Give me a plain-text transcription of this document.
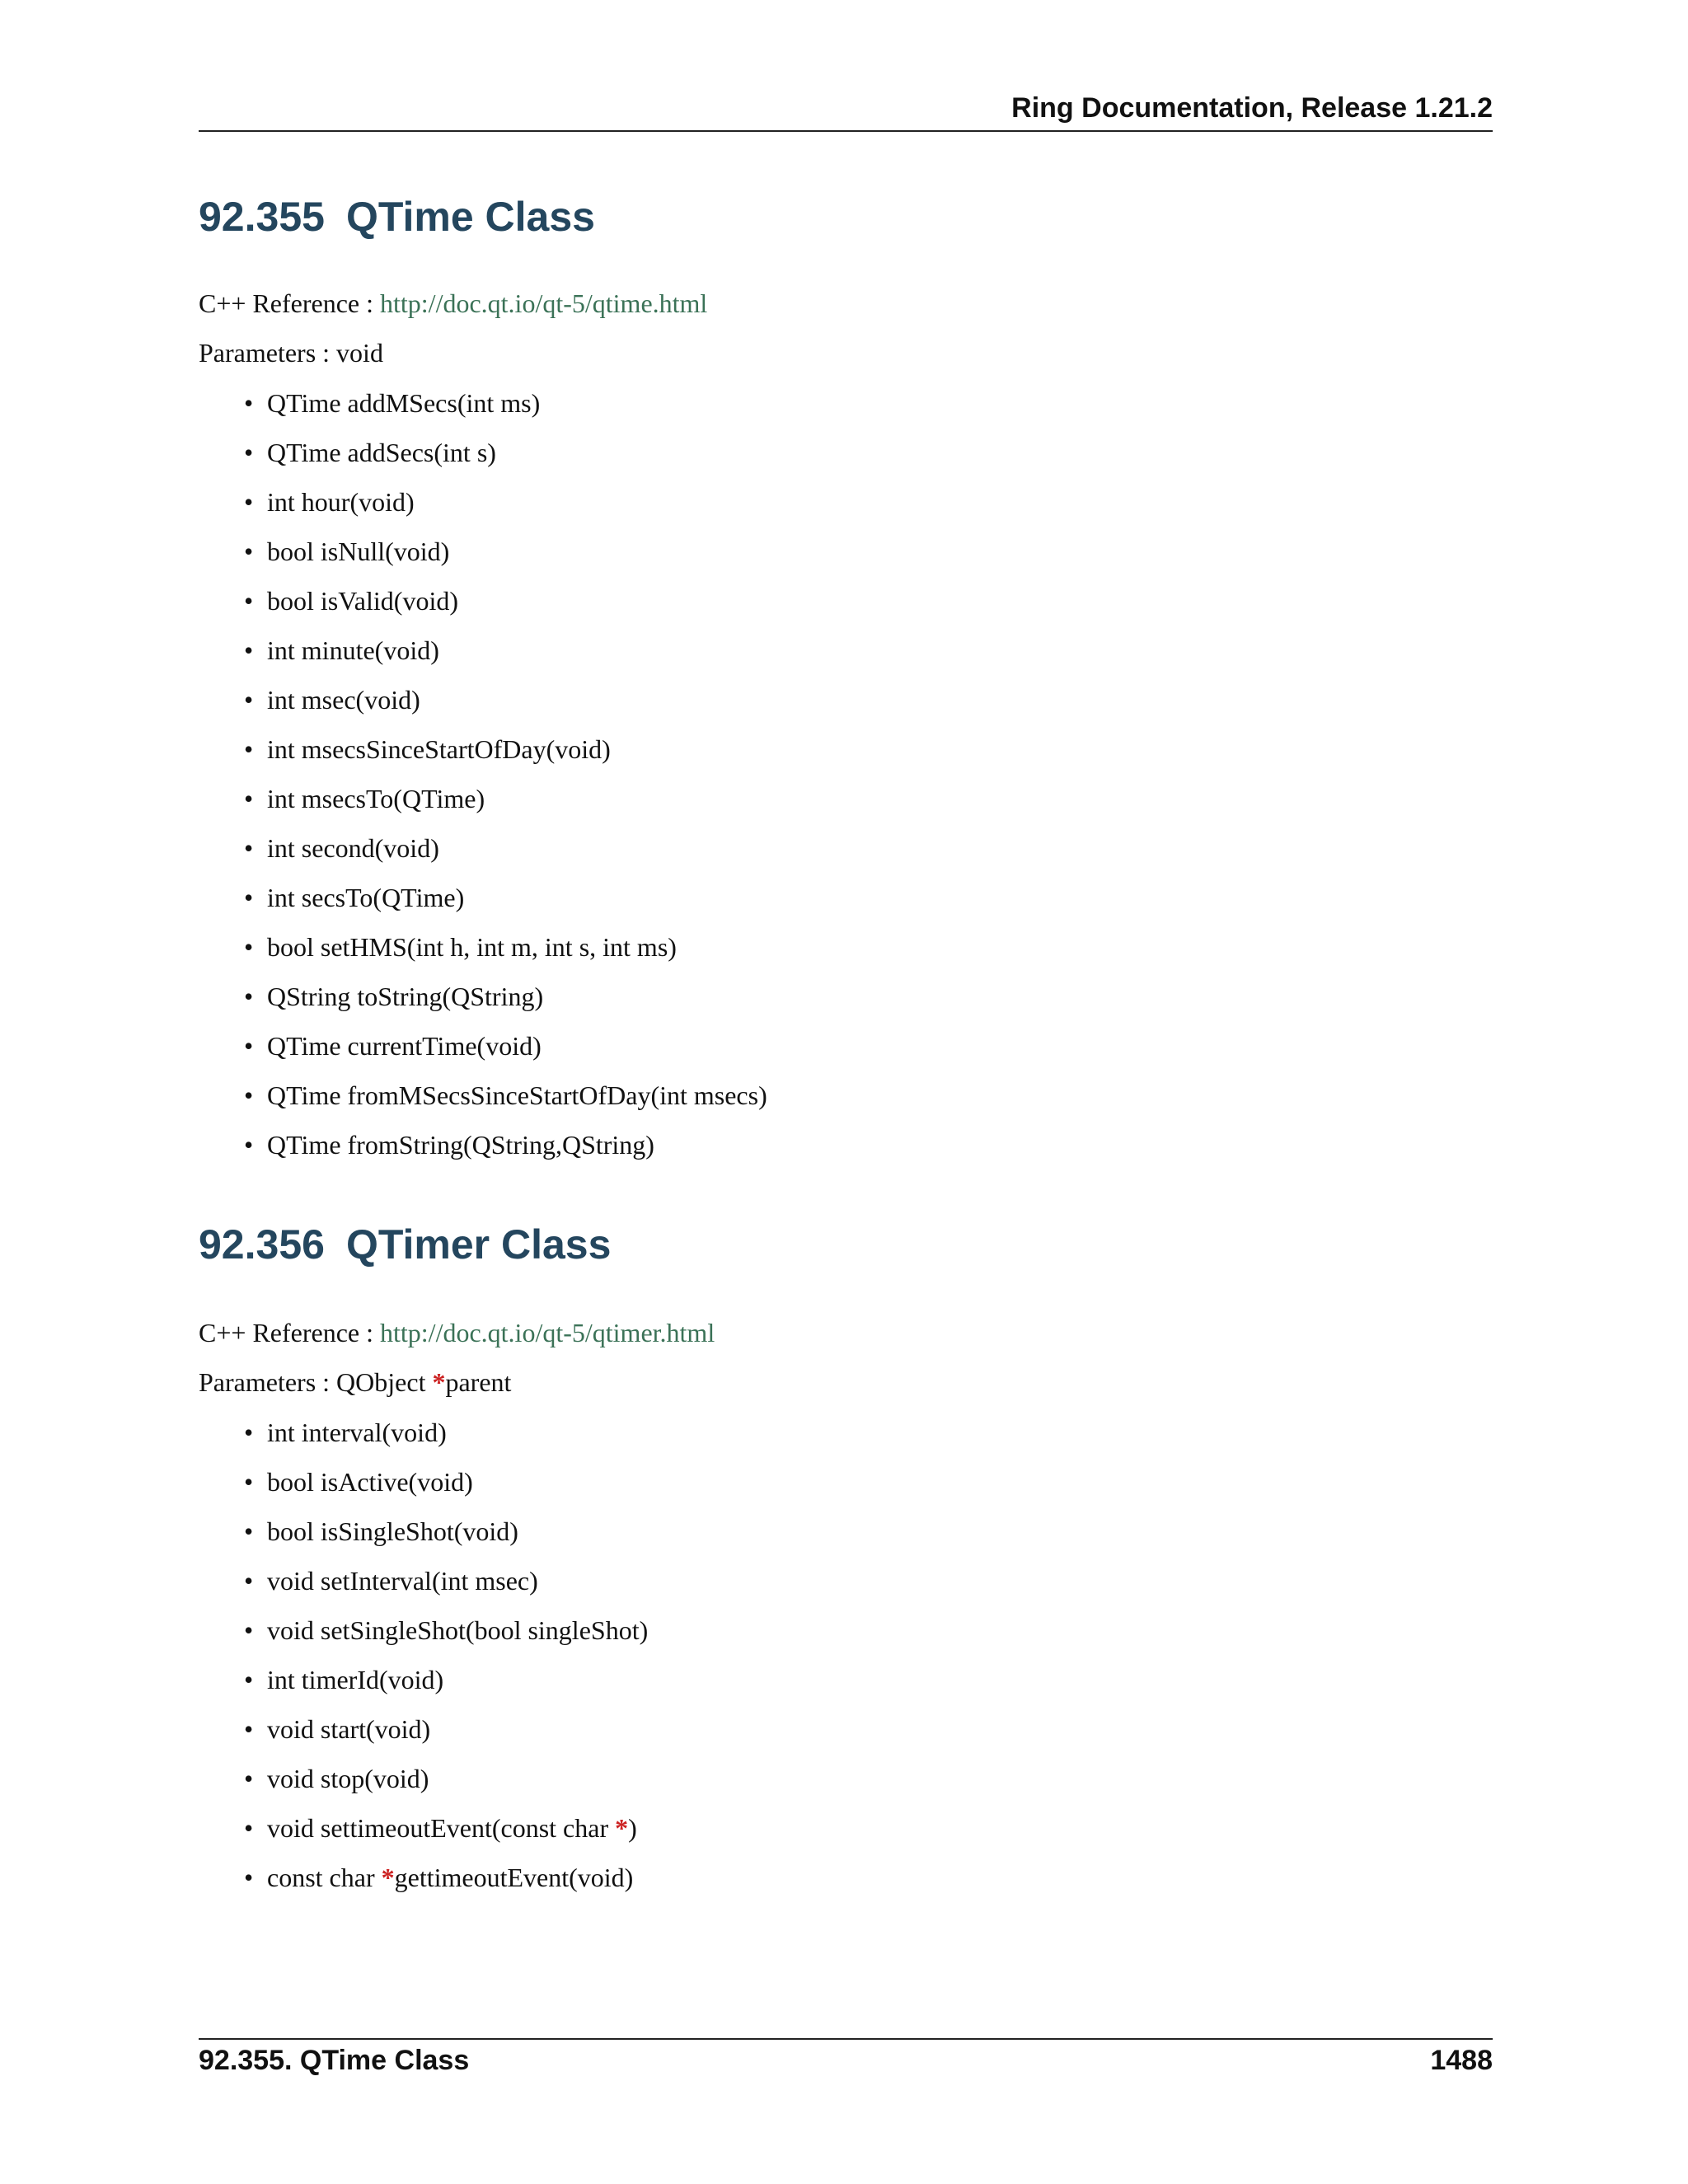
Ring Documentation, Release 1.21.2
92.355 QTime Class
C++ Reference : http://doc.qt.io/qt-5/qtime.html
Parameters : void
• QTime addMSecs(int ms)
• QTime addSecs(int s)
• int hour(void)
• bool isNull(void)
• bool isValid(void)
• int minute(void)
• int msec(void)
• int msecsSinceStartOfDay(void)
• int msecsTo(QTime)
• int second(void)
• int secsTo(QTime)
• bool setHMS(int h, int m, int s, int ms)
• QString toString(QString)
• QTime currentTime(void)
• QTime fromMSecsSinceStartOfDay(int msecs)
• QTime fromString(QString,QString)
92.356 QTimer Class
C++ Reference : http://doc.qt.io/qt-5/qtimer.html
Parameters : QObject *parent
• int interval(void)
• bool isActive(void)
• bool isSingleShot(void)
• void setInterval(int msec)
• void setSingleShot(bool singleShot)
• int timerId(void)
• void start(void)
• void stop(void)
• void settimeoutEvent(const char *)
• const char *gettimeoutEvent(void)
92.355. QTime Class	1488
